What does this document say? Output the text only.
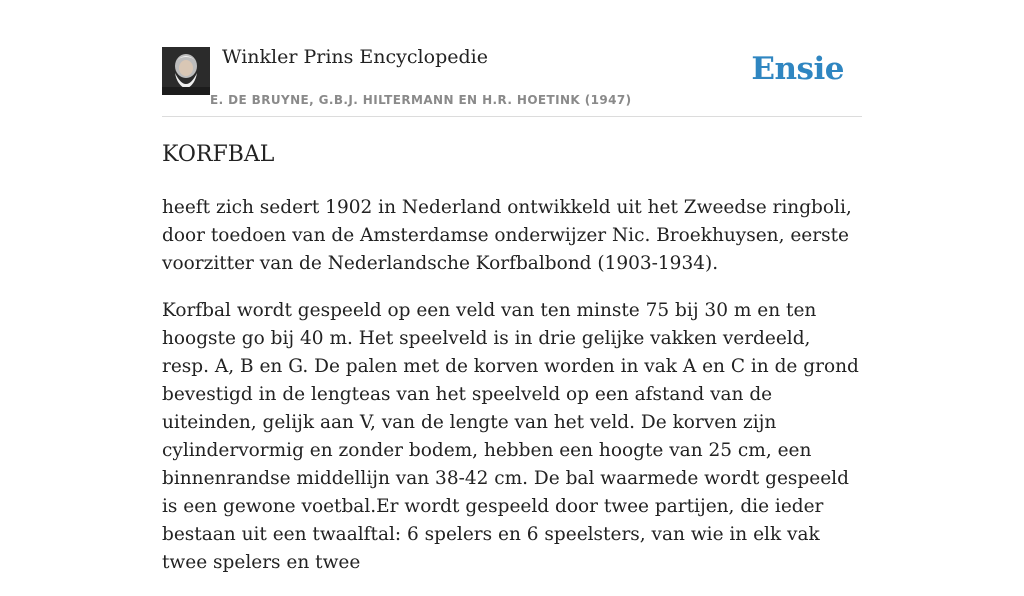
Winkler Prins Encyclopedie
E. DE BRUYNE, G.B.J. HILTERMANN EN H.R. HOETINK (1947)
Ensie
KORFBAL

heeft zich sedert 1902 in Nederland ontwikkeld uit het Zweedse ringboli, door toedoen van de Amsterdamse onderwijzer Nic. Broekhuysen, eerste voorzitter van de Nederlandsche Korfbalbond (1903-1934).

Korfbal wordt gespeeld op een veld van ten minste 75 bij 30 m en ten hoogste go bij 40 m. Het speelveld is in drie gelijke vakken verdeeld, resp. A, B en G. De palen met de korven worden in vak A en C in de grond bevestigd in de lengteas van het speelveld op een afstand van de uiteinden, gelijk aan V, van de lengte van het veld. De korven zijn cylindervormig en zonder bodem, hebben een hoogte van 25 cm, een binnenrandse middellijn van 38-42 cm. De bal waarmede wordt gespeeld is een gewone voetbal.Er wordt gespeeld door twee partijen, die ieder bestaan uit een twaalftal: 6 spelers en 6 speelsters, van wie in elk vak twee spelers en twee
